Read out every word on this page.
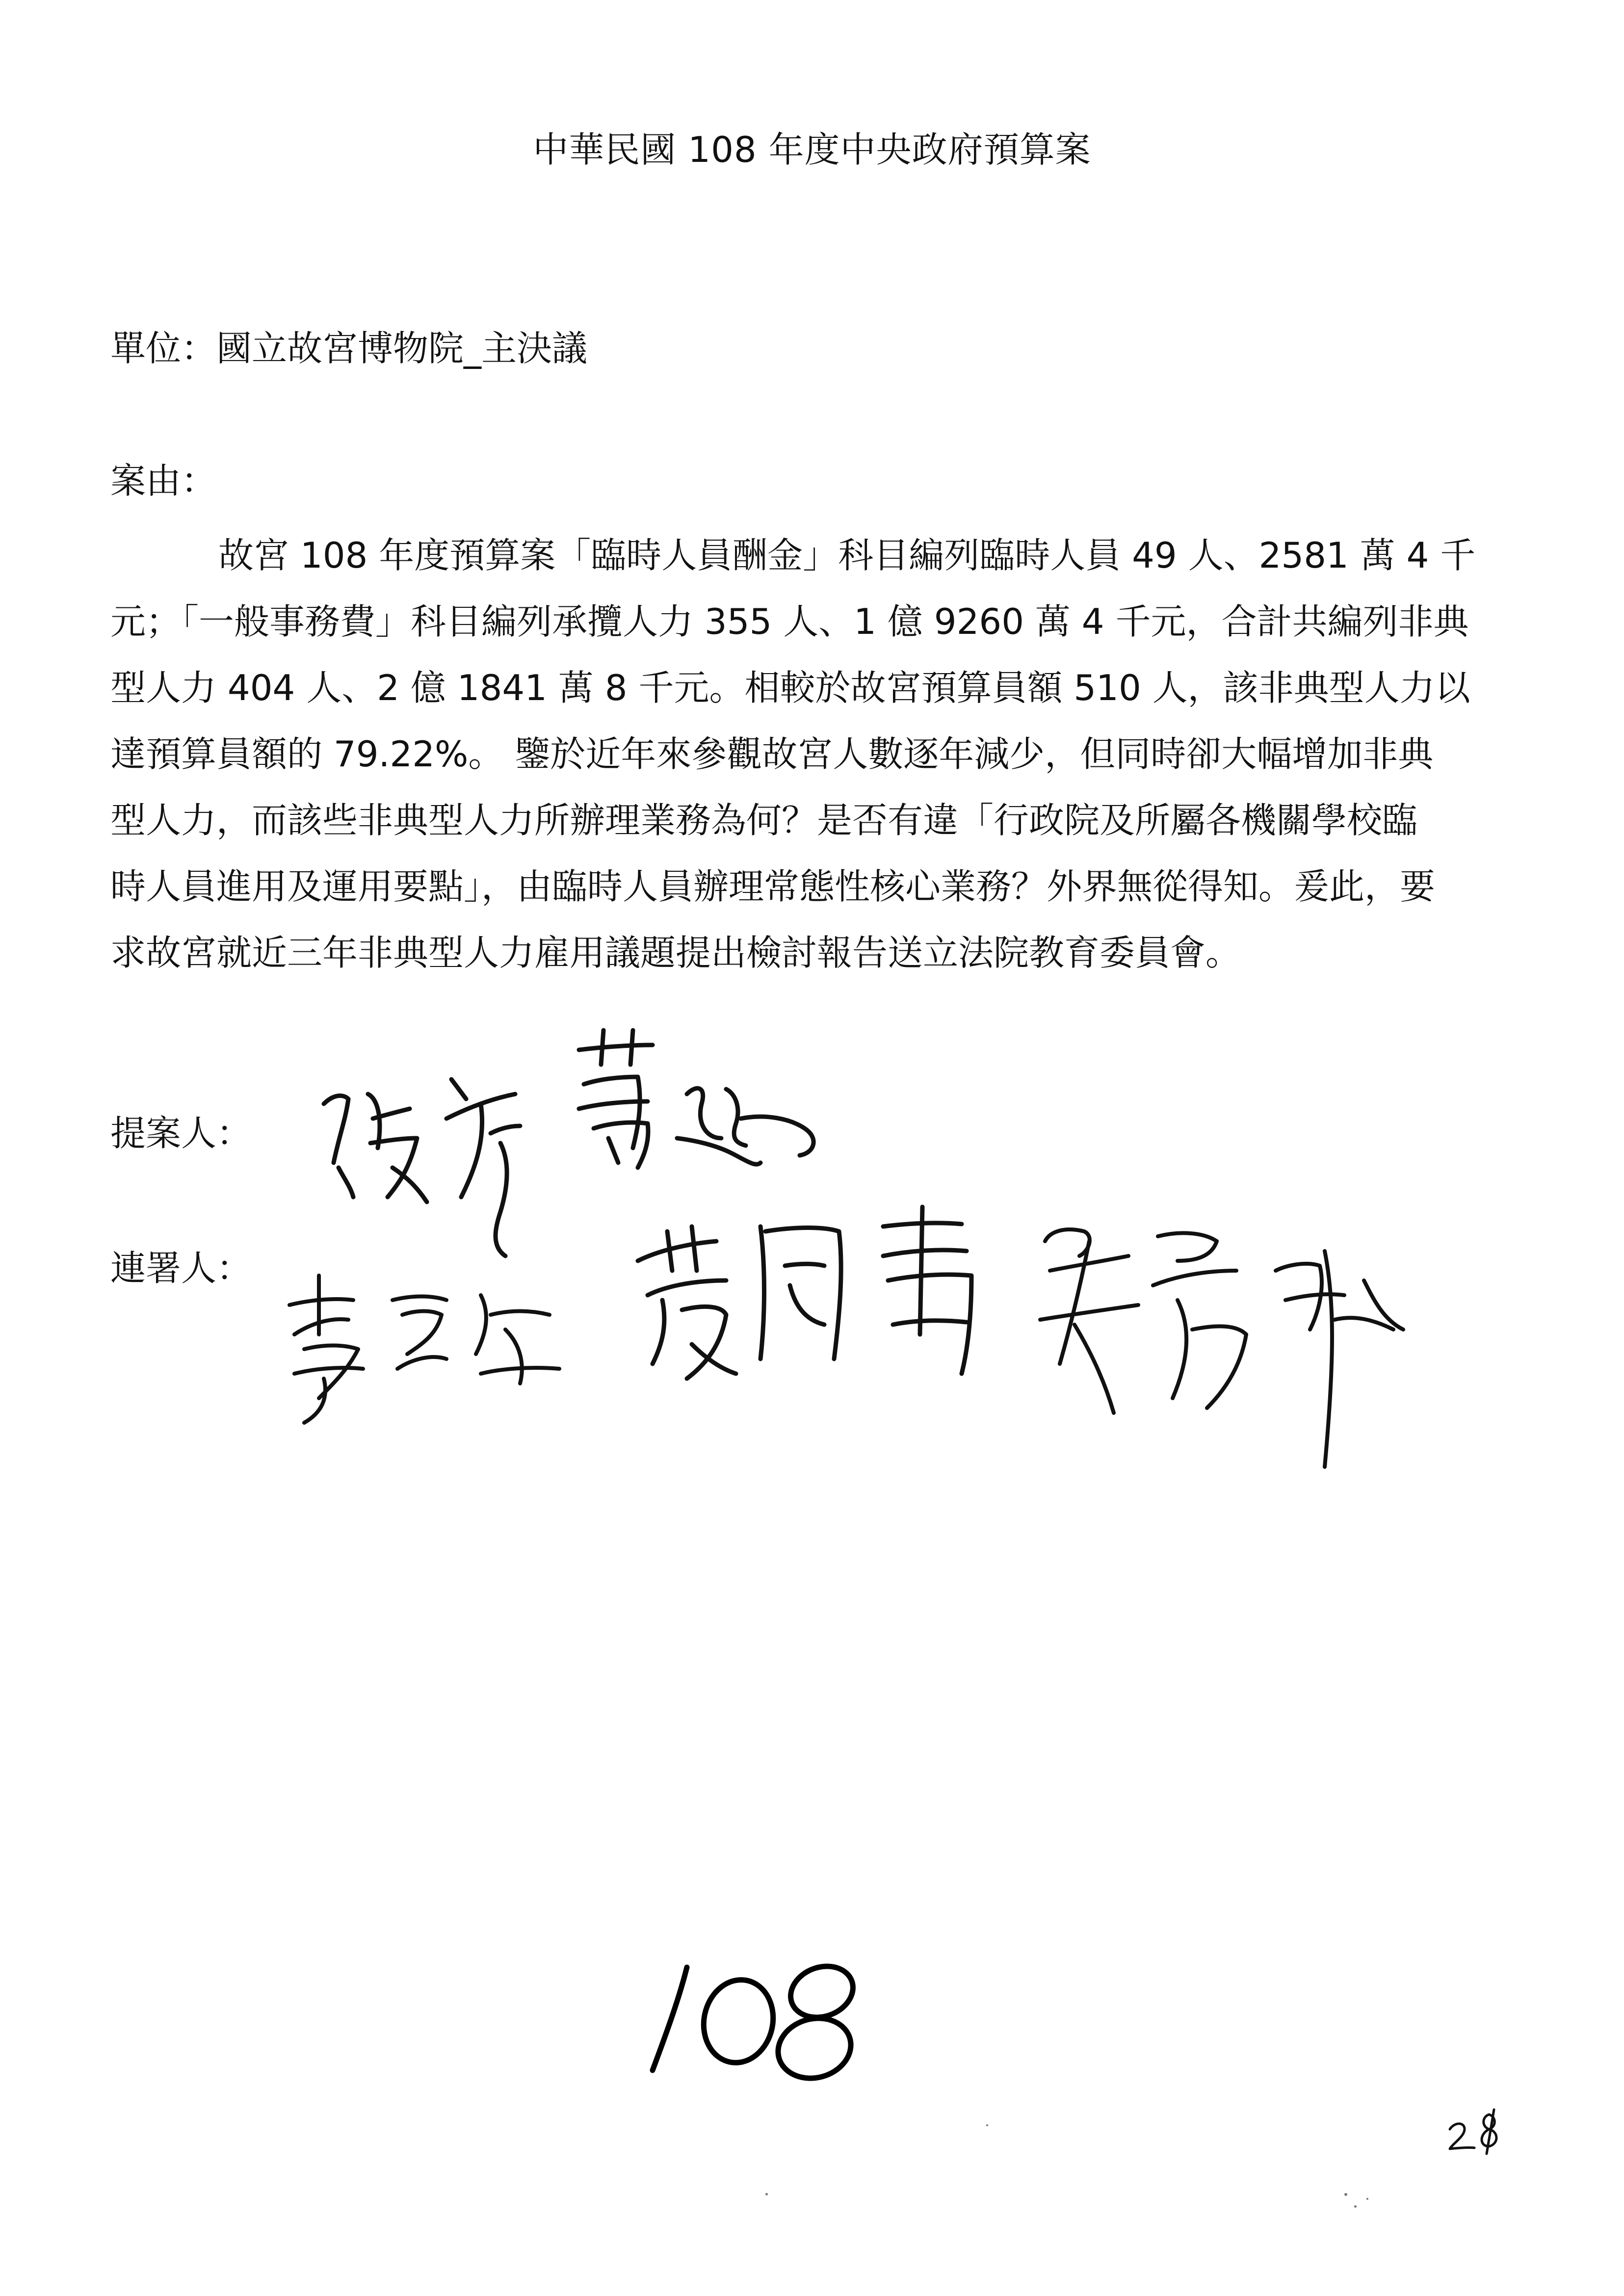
中華民國 108 年度中央政府預算案
單位：國立故宮博物院_主決議
案由：
故宮 108 年度預算案「臨時人員酬金」科目編列臨時人員 49 人、2581 萬 4 千
元；「一般事務費」科目編列承攬人力 355 人、1 億 9260 萬 4 千元，合計共編列非典
型人力 404 人、2 億 1841 萬 8 千元。相較於故宮預算員額 510 人，該非典型人力以
達預算員額的 79.22%。 鑒於近年來參觀故宮人數逐年減少，但同時卻大幅增加非典
型人力，而該些非典型人力所辦理業務為何？是否有違「行政院及所屬各機關學校臨
時人員進用及運用要點」，由臨時人員辦理常態性核心業務？外界無從得知。爰此，要
求故宮就近三年非典型人力雇用議題提出檢討報告送立法院教育委員會。
提案人：
連署人：
